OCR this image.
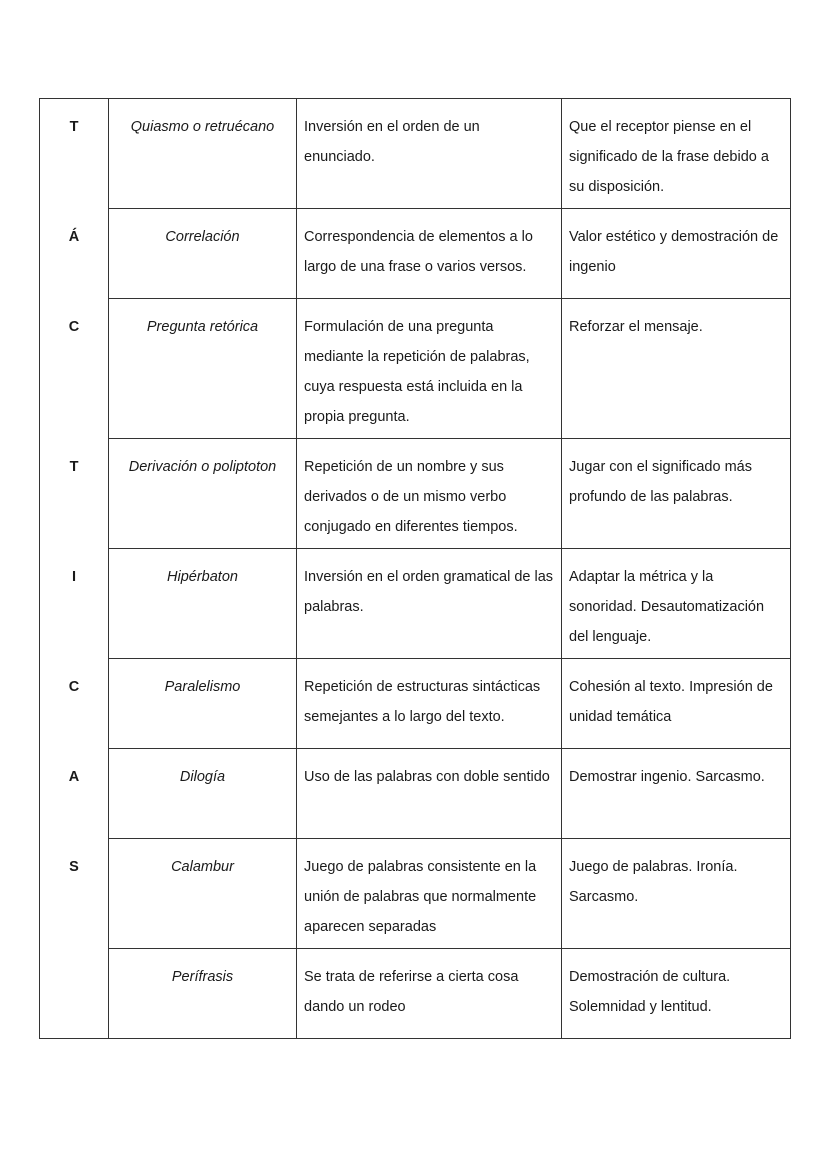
T	Quiasmo o retruécano	Inversión en el orden de un enunciado.	Que el receptor piense en el significado de la frase debido a su disposición.
Á	Correlación	Correspondencia de elementos a lo largo de una frase o varios versos.	Valor estético y demostración de ingenio
C	Pregunta retórica	Formulación de una pregunta mediante la repetición de palabras, cuya respuesta está incluida en la propia pregunta.	Reforzar el mensaje.
T	Derivación o poliptoton	Repetición de un nombre y sus derivados o de un mismo verbo conjugado en diferentes tiempos.	Jugar con el significado más profundo de las palabras.
I	Hipérbaton	Inversión en el orden gramatical de las palabras.	Adaptar la métrica y la sonoridad. Desautomatización del lenguaje.
C	Paralelismo	Repetición de estructuras sintácticas semejantes a lo largo del texto.	Cohesión al texto. Impresión de unidad temática
A	Dilogía	Uso de las palabras con doble sentido	Demostrar ingenio. Sarcasmo.
S	Calambur	Juego de palabras consistente en la unión de palabras que normalmente aparecen separadas	Juego de palabras. Ironía. Sarcasmo.
	Perífrasis	Se trata de referirse a cierta cosa dando un rodeo	Demostración de cultura. Solemnidad y lentitud.
